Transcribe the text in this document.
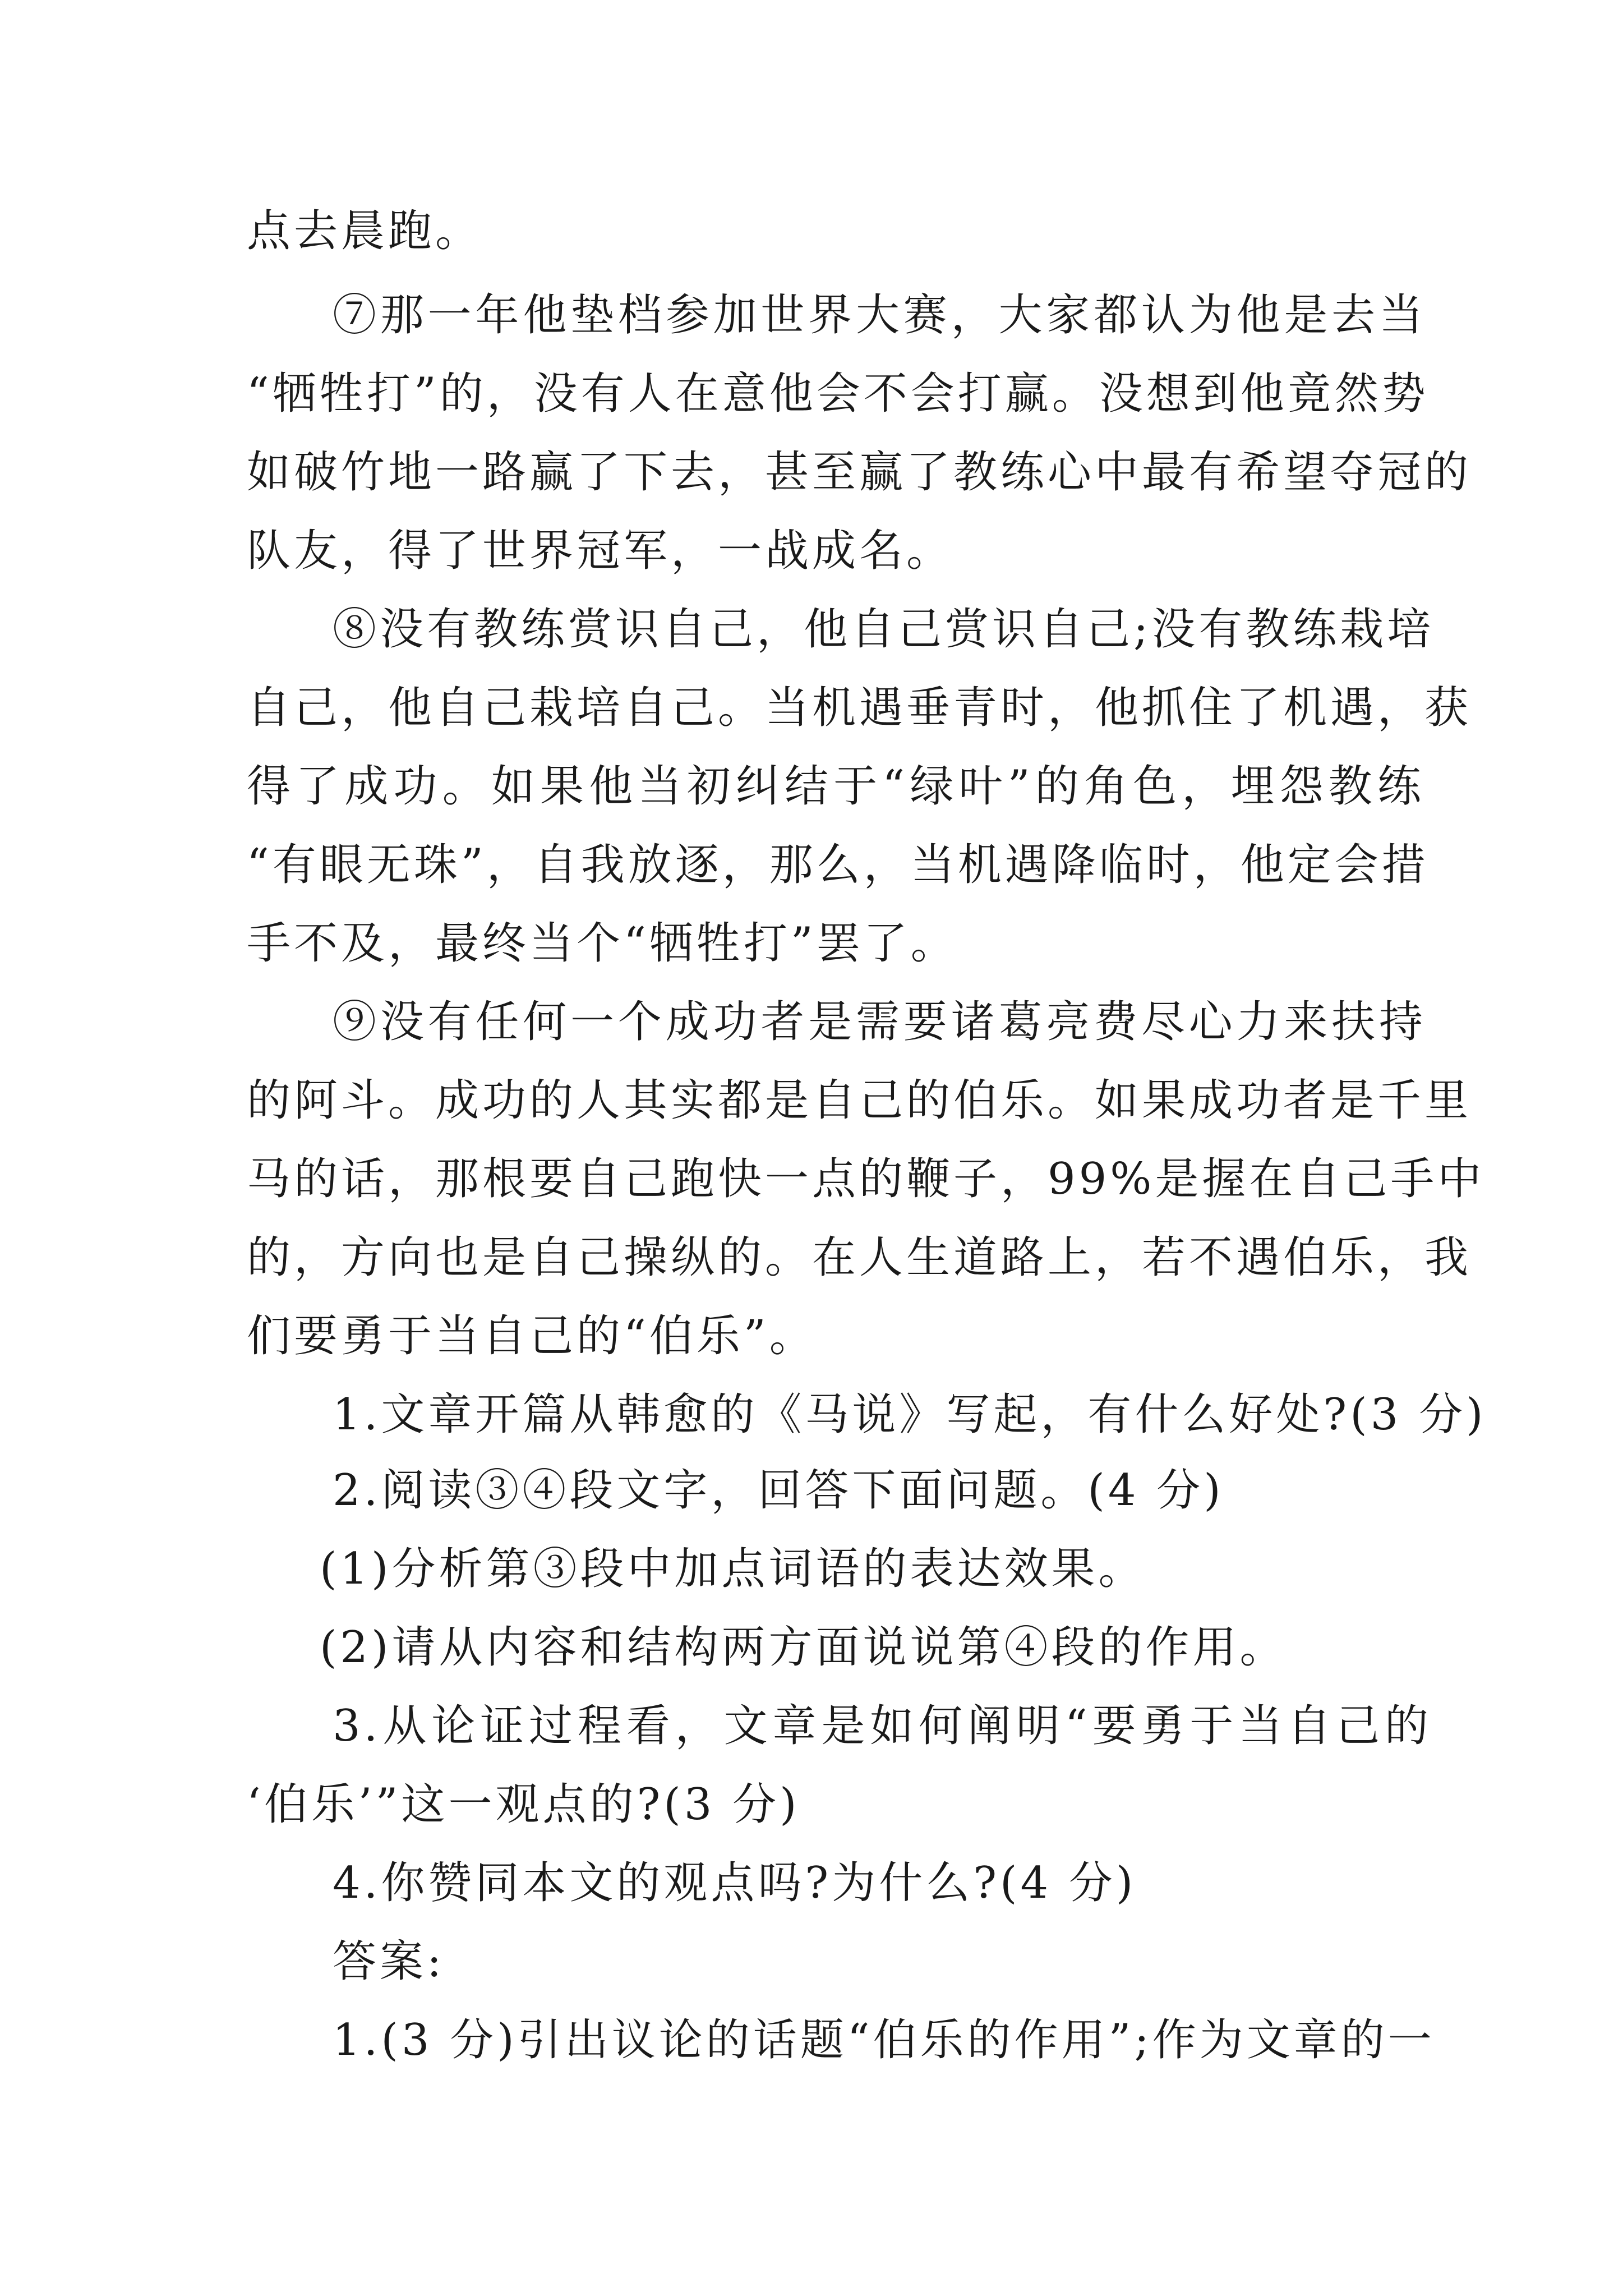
点去晨跑。
⑦那一年他垫档参加世界大赛，大家都认为他是去当
“牺牲打”的，没有人在意他会不会打赢。没想到他竟然势
如破竹地一路赢了下去，甚至赢了教练心中最有希望夺冠的
队友，得了世界冠军，一战成名。
⑧没有教练赏识自己，他自己赏识自己;没有教练栽培
自己，他自己栽培自己。当机遇垂青时，他抓住了机遇，获
得了成功。如果他当初纠结于“绿叶”的角色，埋怨教练
“有眼无珠”，自我放逐，那么，当机遇降临时，他定会措
手不及，最终当个“牺牲打”罢了。
⑨没有任何一个成功者是需要诸葛亮费尽心力来扶持
的阿斗。成功的人其实都是自己的伯乐。如果成功者是千里
马的话，那根要自己跑快一点的鞭子，99%是握在自己手中
的，方向也是自己操纵的。在人生道路上，若不遇伯乐，我
们要勇于当自己的“伯乐”。
1.文章开篇从韩愈的《马说》写起，有什么好处?(3 分)
2.阅读③④段文字，回答下面问题。(4 分)
(1)分析第③段中加点词语的表达效果。
(2)请从内容和结构两方面说说第④段的作用。
3.从论证过程看，文章是如何阐明“要勇于当自己的
‘伯乐’”这一观点的?(3 分)
4.你赞同本文的观点吗?为什么?(4 分)
答案:
1.(3 分)引出议论的话题“伯乐的作用”;作为文章的一
